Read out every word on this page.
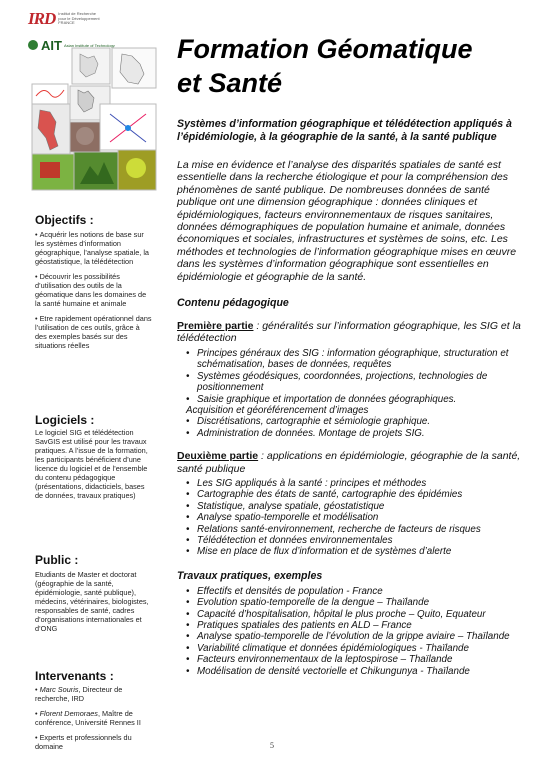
IRD Institut de Recherche
pour le Développement
FRANCE
AIT Asian Institute of Technology
Objectifs :
• Acquérir les notions de base sur les systèmes d’information géographique, l’analyse spatiale, la géostatistique, la télédétection
• Découvrir les possibilités d’utilisation des outils de la géomatique dans les domaines de la santé humaine et animale
• Etre rapidement opérationnel dans l’utilisation de ces outils, grâce à des exemples basés sur des situations réelles
Logiciels :
Le logiciel SIG et télédétection SavGIS est utilisé pour les travaux pratiques. A l’issue de la formation, les participants bénéficient d’une licence du logiciel et de l’ensemble du contenu pédagogique (présentations, didacticiels, bases de données, travaux pratiques)
Public :
Etudiants de Master et doctorat (géographie de la santé, épidémiologie, santé publique), médecins, vétérinaires, biologistes, responsables de santé, cadres d’organisations internationales et d’ONG
Intervenants :
• Marc Souris, Directeur de recherche, IRD
• Florent Demoraes, Maître de conférence, Université Rennes II
• Experts et professionnels du domaine
Formation Géomatique
et Santé
Systèmes d’information géographique et télédétection appliqués à l’épidémiologie, à la géographie de la santé, à la santé publique
La mise en évidence et l’analyse des disparités spatiales de santé est essentielle dans la recherche étiologique et pour la compréhension des phénomènes de santé publique. De nombreuses données de santé publique ont une dimension géographique : données cliniques et épidémiologiques, facteurs environnementaux de risques sanitaires, données démographiques de population humaine et animale, données économiques et sociales, infrastructures et systèmes de soins, etc. Les méthodes et technologies de l’information géographique mises en œuvre dans les systèmes d’information géographique sont essentielles en épidémiologie et géographie de la santé.
Contenu pédagogique
Première partie : généralités sur l’information géographique, les SIG et la télédétection
• Principes généraux des SIG : information géographique, structuration et schématisation, bases de données, requêtes
• Systèmes géodésiques, coordonnées, projections, technologies de positionnement
• Saisie graphique et importation de données géographiques.
Acquisition et géoréférencement d’images
• Discrétisations, cartographie et sémiologie graphique.
• Administration de données. Montage de projets SIG.
Deuxième partie : applications en épidémiologie, géographie de la santé, santé publique
• Les SIG appliqués à la santé : principes et méthodes
• Cartographie des états de santé, cartographie des épidémies
• Statistique, analyse spatiale, géostatistique
• Analyse spatio-temporelle et modélisation
• Relations santé-environnement, recherche de facteurs de risques
• Télédétection et données environnementales
• Mise en place de flux d’information et de systèmes d’alerte
Travaux pratiques, exemples
• Effectifs et densités de population - France
• Evolution spatio-temporelle de la dengue – Thaïlande
• Capacité d’hospitalisation, hôpital le plus proche – Quito, Equateur
• Pratiques spatiales des patients en ALD – France
• Analyse spatio-temporelle de l’évolution de la grippe aviaire – Thaïlande
• Variabilité climatique et données épidémiologiques - Thaïlande
• Facteurs environnementaux de la leptospirose – Thaïlande
• Modélisation de densité vectorielle et Chikungunya - Thaïlande
5
